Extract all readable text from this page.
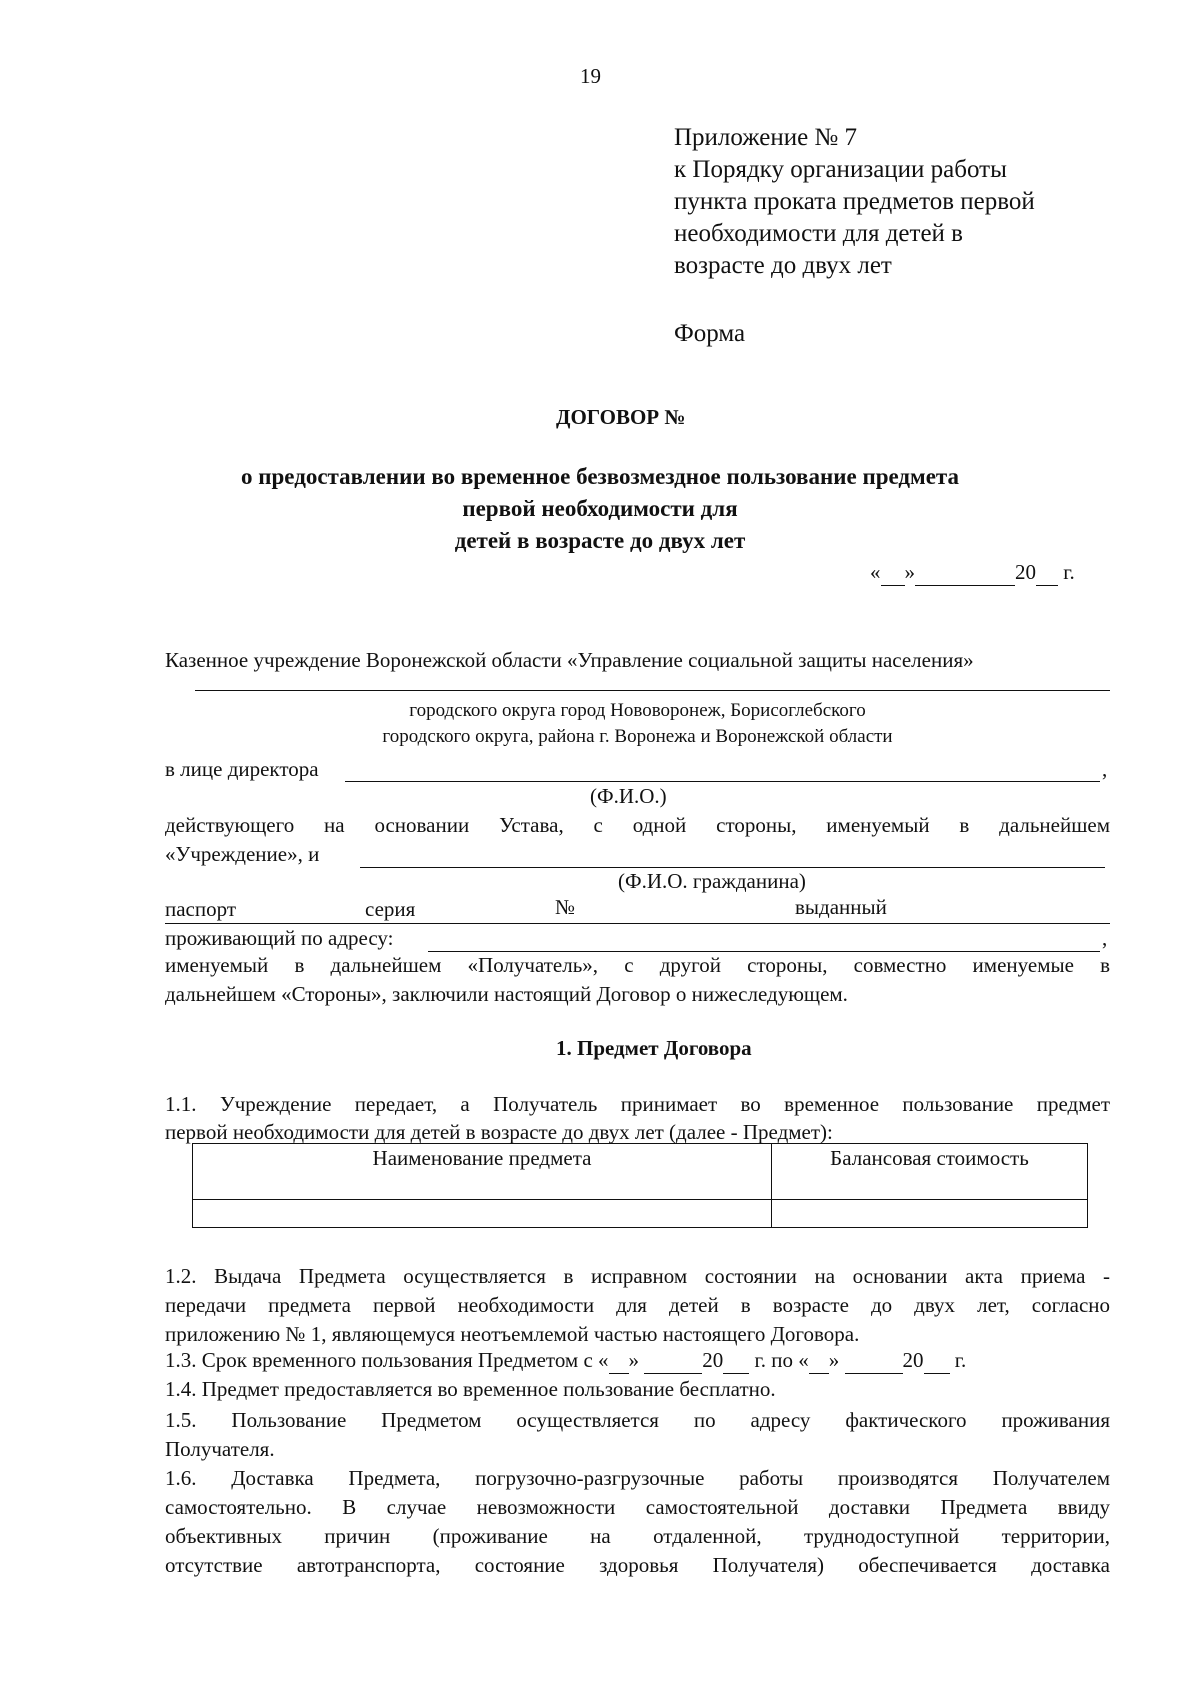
19
Приложение № 7
к Порядку организации работы
пункта проката предметов первой
необходимости для детей в
возрасте до двух лет
Форма
ДОГОВОР №
о предоставлении во временное безвозмездное пользование предмета
первой необходимости для
детей в возрасте до двух лет
« »	20 г.
Казенное учреждение Воронежской области «Управление социальной защиты населения»
городского округа город Нововоронеж, Борисоглебского
городского округа, района г. Воронежа и Воронежской области
в лице директора	,
(Ф.И.О.)
действующего на основании Устава, с одной стороны, именуемый в дальнейшем
«Учреждение», и
(Ф.И.О. гражданина)
паспорт	серия	№	выданный
проживающий по адресу:	,
именуемый в дальнейшем «Получатель», с другой стороны, совместно именуемые в
дальнейшем «Стороны», заключили настоящий Договор о нижеследующем.
1. Предмет Договора
1.1. Учреждение передает, а Получатель принимает во временное пользование предмет
первой необходимости для детей в возрасте до двух лет (далее - Предмет):
Наименование предмета	Балансовая стоимость

1.2. Выдача Предмета осуществляется в исправном состоянии на основании акта приема -
передачи предмета первой необходимости для детей в возрасте до двух лет, согласно
приложению № 1, являющемуся неотъемлемой частью настоящего Договора.
1.3. Срок временного пользования Предметом с « »	20 г. по « »	20 г.
1.4. Предмет предоставляется во временное пользование бесплатно.
1.5. Пользование Предметом осуществляется по адресу фактического проживания
Получателя.
1.6. Доставка Предмета, погрузочно-разгрузочные работы производятся Получателем
самостоятельно. В случае невозможности самостоятельной доставки Предмета ввиду
объективных причин (проживание на отдаленной, труднодоступной территории,
отсутствие автотранспорта, состояние здоровья Получателя) обеспечивается доставка
